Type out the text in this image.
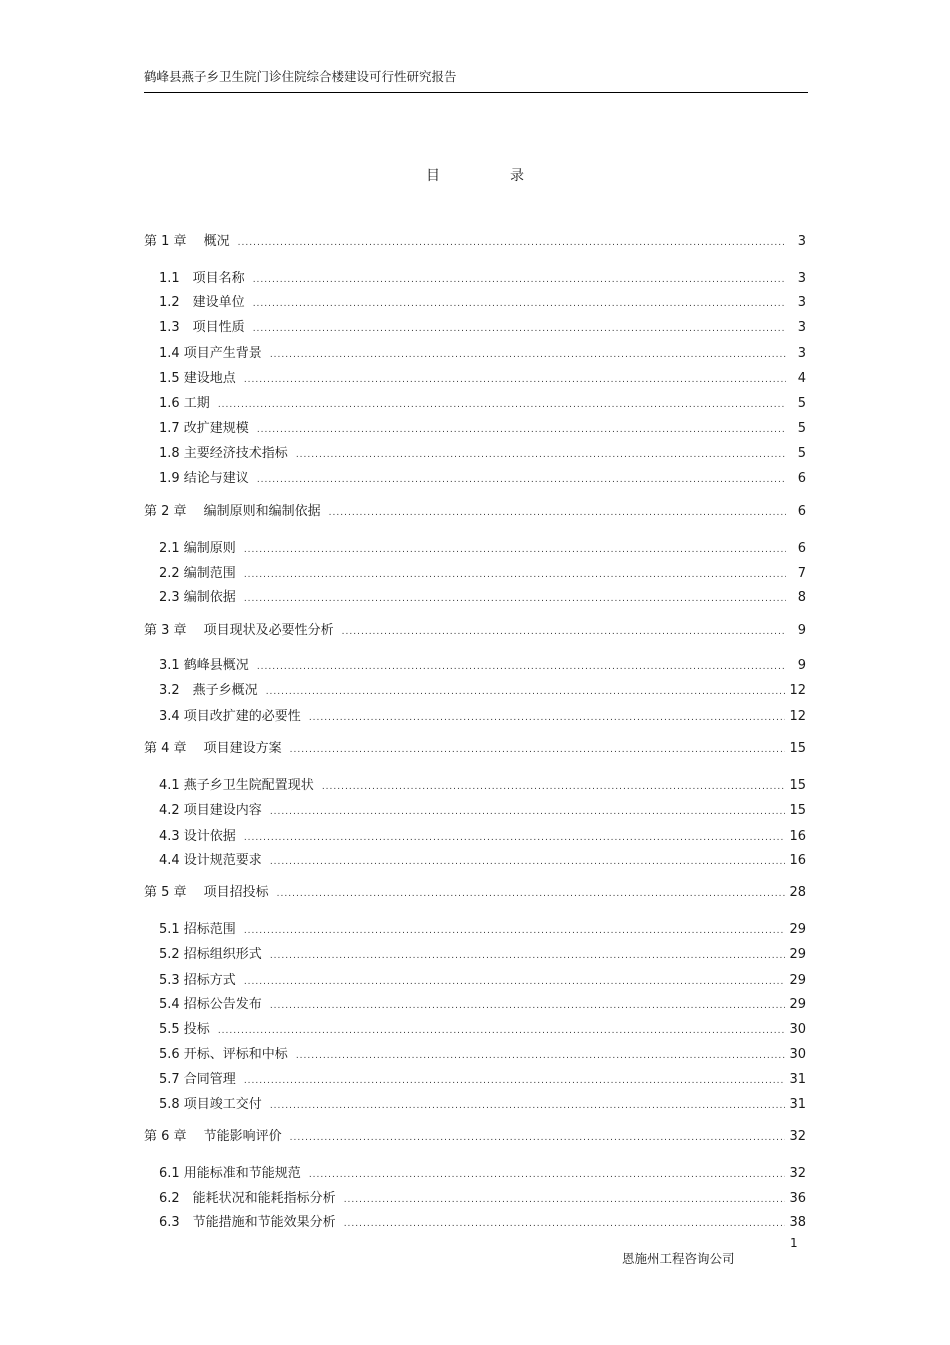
鹤峰县燕子乡卫生院门诊住院综合楼建设可行性研究报告
目	录
第 1 章　 概况 .....	3
1.1　项目名称 .....	3
1.2　建设单位 .....	3
1.3　项目性质 .....	3
1.4 项目产生背景 .....	3
1.5 建设地点 .....	4
1.6 工期 .....	5
1.7 改扩建规模 .....	5
1.8 主要经济技术指标 .....	5
1.9 结论与建议 .....	6
第 2 章　 编制原则和编制依据 .....	6
2.1 编制原则 .....	6
2.2 编制范围 .....	7
2.3 编制依据 .....	8
第 3 章　 项目现状及必要性分析 .....	9
3.1 鹤峰县概况 .....	9
3.2　燕子乡概况 .....	12
3.4 项目改扩建的必要性 .....	12
第 4 章　 项目建设方案 .....	15
4.1 燕子乡卫生院配置现状 .....	15
4.2 项目建设内容 .....	15
4.3 设计依据 .....	16
4.4 设计规范要求 .....	16
第 5 章　 项目招投标 .....	28
5.1 招标范围 .....	29
5.2 招标组织形式 .....	29
5.3 招标方式 .....	29
5.4 招标公告发布 .....	29
5.5 投标 .....	30
5.6 开标、评标和中标 .....	30
5.7 合同管理 .....	31
5.8 项目竣工交付 .....	31
第 6 章　 节能影响评价 .....	32
6.1 用能标准和节能规范 .....	32
6.2　能耗状况和能耗指标分析 .....	36
6.3　节能措施和节能效果分析 .....	38
1
恩施州工程咨询公司
